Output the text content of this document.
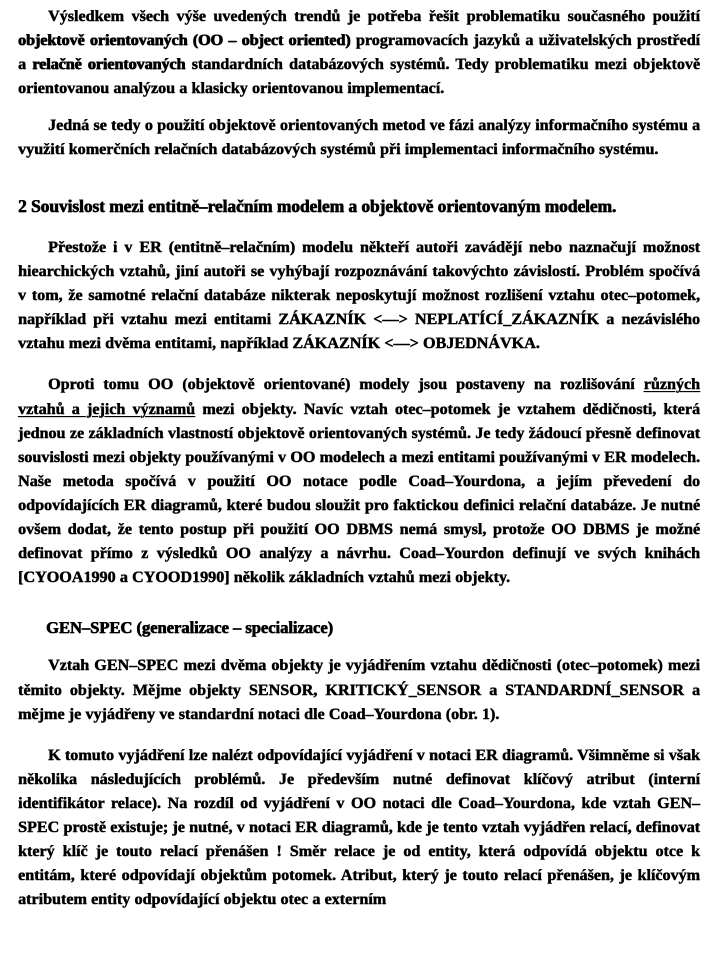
Výsledkem všech výše uvedených trendů je potřeba řešit problematiku současného použití objektově orientovaných (OO – object oriented) programovacích jazyků a uživatelských prostředí a relačně orientovaných standardních databázových systémů. Tedy problematiku mezi objektově orientovanou analýzou a klasicky orientovanou implementací.

Jedná se tedy o použití objektově orientovaných metod ve fázi analýzy informačního systému a využití komerčních relačních databázových systémů při implementaci informačního systému.

2 Souvislost mezi entitně–relačním modelem a objektově orientovaným modelem.

Přestože i v ER (entitně–relačním) modelu někteří autoři zavádějí nebo naznačují možnost hiearchických vztahů, jiní autoři se vyhýbají rozpoznávání takovýchto závislostí. Problém spočívá v tom, že samotné relační databáze nikterak neposkytují možnost rozlišení vztahu otec–potomek, například při vztahu mezi entitami ZÁKAZNÍK <—> NEPLATÍCÍ_ZÁKAZNÍK a nezávislého vztahu mezi dvěma entitami, například ZÁKAZNÍK <—> OBJEDNÁVKA.

Oproti tomu OO (objektově orientované) modely jsou postaveny na rozlišování různých vztahů a jejich významů mezi objekty. Navíc vztah otec–potomek je vztahem dědičnosti, která jednou ze základních vlastností objektově orientovaných systémů. Je tedy žádoucí přesně definovat souvislosti mezi objekty používanými v OO modelech a mezi entitami používanými v ER modelech. Naše metoda spočívá v použití OO notace podle Coad–Yourdona, a jejím převedení do odpovídajících ER diagramů, které budou sloužit pro faktickou definici relační databáze. Je nutné ovšem dodat, že tento postup při použití OO DBMS nemá smysl, protože OO DBMS je možné definovat přímo z výsledků OO analýzy a návrhu. Coad–Yourdon definují ve svých knihách [CYOOA1990 a CYOOD1990] několik základních vztahů mezi objekty.

GEN–SPEC (generalizace – specializace)

Vztah GEN–SPEC mezi dvěma objekty je vyjádřením vztahu dědičnosti (otec–potomek) mezi těmito objekty. Mějme objekty SENSOR, KRITICKÝ_SENSOR a STANDARDNÍ_SENSOR a mějme je vyjádřeny ve standardní notaci dle Coad–Yourdona (obr. 1).

K tomuto vyjádření lze nalézt odpovídající vyjádření v notaci ER diagramů. Všimněme si však několika následujících problémů. Je především nutné definovat klíčový atribut (interní identifikátor relace). Na rozdíl od vyjádření v OO notaci dle Coad–Yourdona, kde vztah GEN–SPEC prostě existuje; je nutné, v notaci ER diagramů, kde je tento vztah vyjádřen relací, definovat který klíč je touto relací přenášen ! Směr relace je od entity, která odpovídá objektu otce k entitám, které odpovídají objektům potomek. Atribut, který je touto relací přenášen, je klíčovým atributem entity odpovídající objektu otec a externím
